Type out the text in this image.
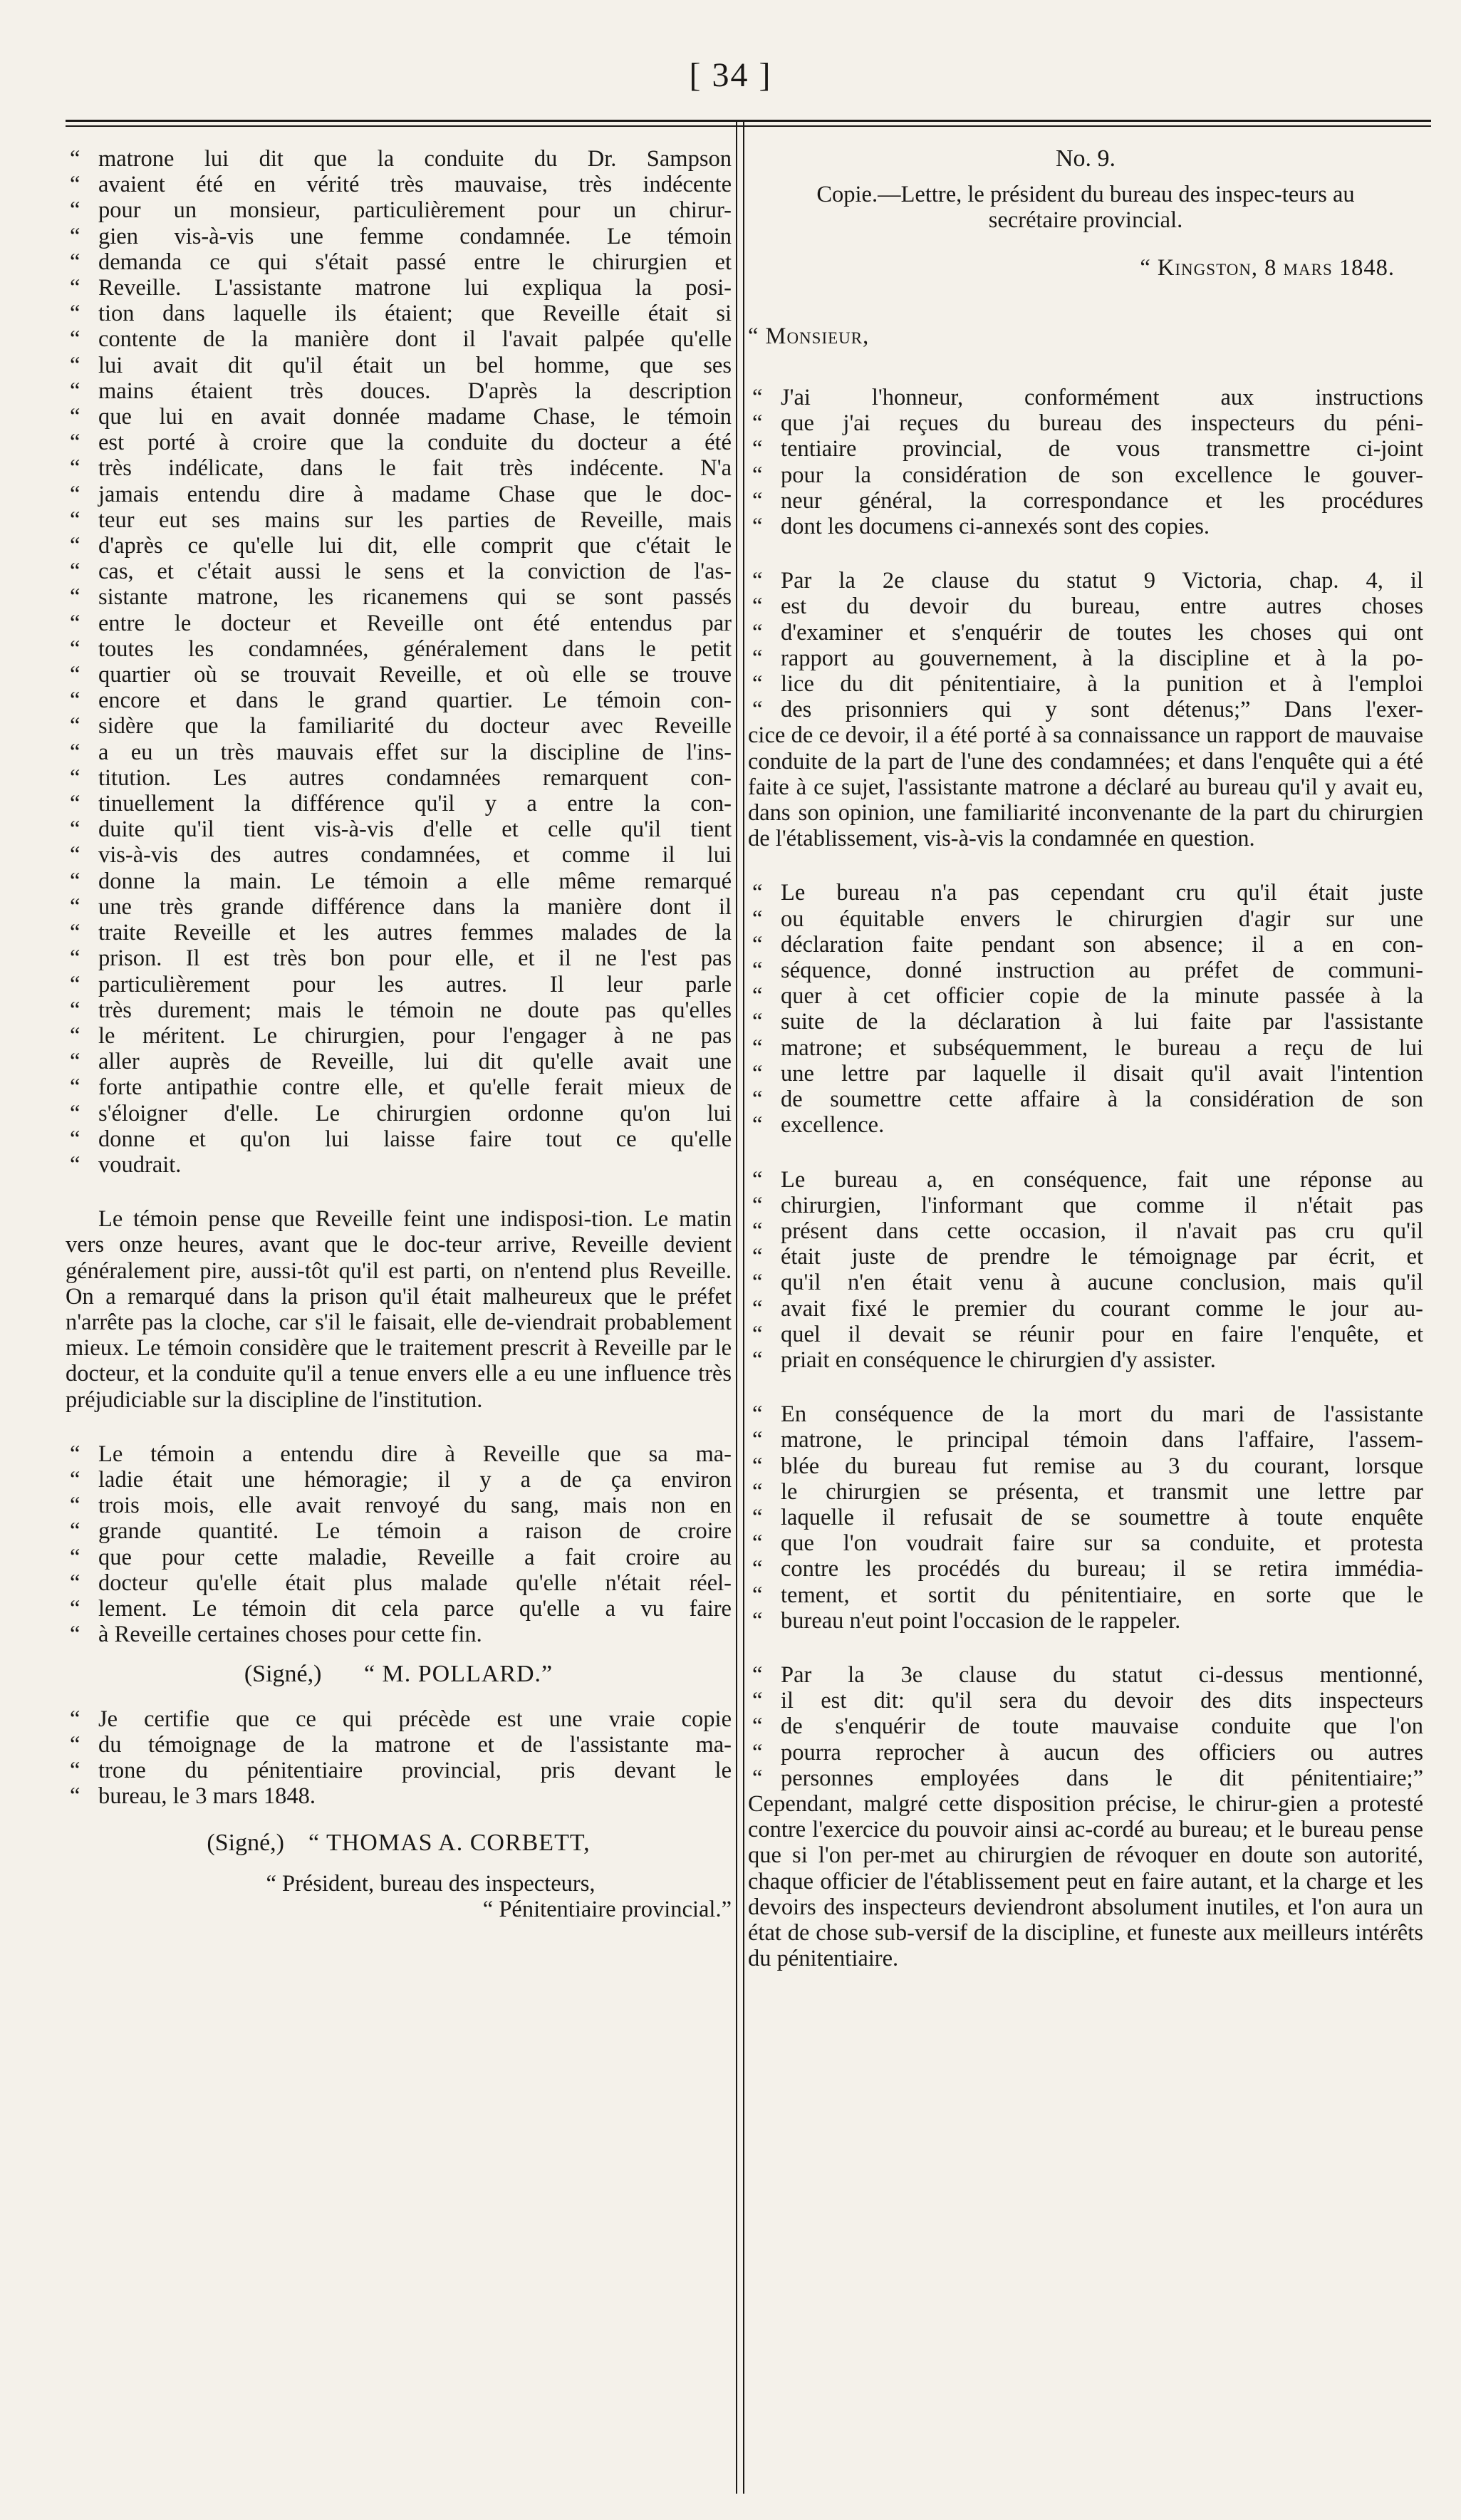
[ 34 ]

“ matrone lui dit que la conduite du Dr. Sampson

“ avaient été en vérité très mauvaise, très indécente

“ pour un monsieur, particulièrement pour un chirur-

“ gien vis-à-vis une femme condamnée. Le témoin

“ demanda ce qui s'était passé entre le chirurgien et

“ Reveille. L'assistante matrone lui expliqua la posi-

“ tion dans laquelle ils étaient; que Reveille était si

“ contente de la manière dont il l'avait palpée qu'elle

“ lui avait dit qu'il était un bel homme, que ses

“ mains étaient très douces. D'après la description

“ que lui en avait donnée madame Chase, le témoin

“ est porté à croire que la conduite du docteur a été

“ très indélicate, dans le fait très indécente. N'a

“ jamais entendu dire à madame Chase que le doc-

“ teur eut ses mains sur les parties de Reveille, mais

“ d'après ce qu'elle lui dit, elle comprit que c'était le

“ cas, et c'était aussi le sens et la conviction de l'as-

“ sistante matrone, les ricanemens qui se sont passés

“ entre le docteur et Reveille ont été entendus par

“ toutes les condamnées, généralement dans le petit

“ quartier où se trouvait Reveille, et où elle se trouve

“ encore et dans le grand quartier. Le témoin con-

“ sidère que la familiarité du docteur avec Reveille

“ a eu un très mauvais effet sur la discipline de l'ins-

“ titution. Les autres condamnées remarquent con-

“ tinuellement la différence qu'il y a entre la con-

“ duite qu'il tient vis-à-vis d'elle et celle qu'il tient

“ vis-à-vis des autres condamnées, et comme il lui

“ donne la main. Le témoin a elle même remarqué

“ une très grande différence dans la manière dont il

“ traite Reveille et les autres femmes malades de la

“ prison. Il est très bon pour elle, et il ne l'est pas

“ particulièrement pour les autres. Il leur parle

“ très durement; mais le témoin ne doute pas qu'elles

“ le méritent. Le chirurgien, pour l'engager à ne pas

“ aller auprès de Reveille, lui dit qu'elle avait une

“ forte antipathie contre elle, et qu'elle ferait mieux de

“ s'éloigner d'elle. Le chirurgien ordonne qu'on lui

“ donne et qu'on lui laisse faire tout ce qu'elle

“ voudrait.

Le témoin pense que Reveille feint une indisposi-tion. Le matin vers onze heures, avant que le doc-teur arrive, Reveille devient généralement pire, aussi-tôt qu'il est parti, on n'entend plus Reveille. On a remarqué dans la prison qu'il était malheureux que le préfet n'arrête pas la cloche, car s'il le faisait, elle de-viendrait probablement mieux. Le témoin considère que le traitement prescrit à Reveille par le docteur, et la conduite qu'il a tenue envers elle a eu une influence très préjudiciable sur la discipline de l'institution.

“ Le témoin a entendu dire à Reveille que sa ma-

“ ladie était une hémoragie; il y a de ça environ

“ trois mois, elle avait renvoyé du sang, mais non en

“ grande quantité. Le témoin a raison de croire

“ que pour cette maladie, Reveille a fait croire au

“ docteur qu'elle était plus malade qu'elle n'était réel-

“ lement. Le témoin dit cela parce qu'elle a vu faire

“ à Reveille certaines choses pour cette fin.

(Signé,) “ M. POLLARD.”

“ Je certifie que ce qui précède est une vraie copie

“ du témoignage de la matrone et de l'assistante ma-

“ trone du pénitentiaire provincial, pris devant le

“ bureau, le 3 mars 1848.

(Signé,) “ THOMAS A. CORBETT,

“ Président, bureau des inspecteurs,

“ Pénitentiaire provincial.”

No. 9.

Copie.—Lettre, le président du bureau des inspec-teurs au secrétaire provincial.

“ Kingston, 8 mars 1848.

“ Monsieur,

“ J'ai l'honneur, conformément aux instructions

“ que j'ai reçues du bureau des inspecteurs du péni-

“ tentiaire provincial, de vous transmettre ci-joint

“ pour la considération de son excellence le gouver-

“ neur général, la correspondance et les procédures

“ dont les documens ci-annexés sont des copies.

“ Par la 2e clause du statut 9 Victoria, chap. 4, il

“ est du devoir du bureau, entre autres choses

“ d'examiner et s'enquérir de toutes les choses qui ont

“ rapport au gouvernement, à la discipline et à la po-

“ lice du dit pénitentiaire, à la punition et à l'emploi

“ des prisonniers qui y sont détenus;” Dans l'exer-

cice de ce devoir, il a été porté à sa connaissance un rapport de mauvaise conduite de la part de l'une des condamnées; et dans l'enquête qui a été faite à ce sujet, l'assistante matrone a déclaré au bureau qu'il y avait eu, dans son opinion, une familiarité inconvenante de la part du chirurgien de l'établissement, vis-à-vis la condamnée en question.

“ Le bureau n'a pas cependant cru qu'il était juste

“ ou équitable envers le chirurgien d'agir sur une

“ déclaration faite pendant son absence; il a en con-

“ séquence, donné instruction au préfet de communi-

“ quer à cet officier copie de la minute passée à la

“ suite de la déclaration à lui faite par l'assistante

“ matrone; et subséquemment, le bureau a reçu de lui

“ une lettre par laquelle il disait qu'il avait l'intention

“ de soumettre cette affaire à la considération de son

“ excellence.

“ Le bureau a, en conséquence, fait une réponse au

“ chirurgien, l'informant que comme il n'était pas

“ présent dans cette occasion, il n'avait pas cru qu'il

“ était juste de prendre le témoignage par écrit, et

“ qu'il n'en était venu à aucune conclusion, mais qu'il

“ avait fixé le premier du courant comme le jour au-

“ quel il devait se réunir pour en faire l'enquête, et

“ priait en conséquence le chirurgien d'y assister.

“ En conséquence de la mort du mari de l'assistante

“ matrone, le principal témoin dans l'affaire, l'assem-

“ blée du bureau fut remise au 3 du courant, lorsque

“ le chirurgien se présenta, et transmit une lettre par

“ laquelle il refusait de se soumettre à toute enquête

“ que l'on voudrait faire sur sa conduite, et protesta

“ contre les procédés du bureau; il se retira immédia-

“ tement, et sortit du pénitentiaire, en sorte que le

“ bureau n'eut point l'occasion de le rappeler.

“ Par la 3e clause du statut ci-dessus mentionné,

“ il est dit: qu'il sera du devoir des dits inspecteurs

“ de s'enquérir de toute mauvaise conduite que l'on

“ pourra reprocher à aucun des officiers ou autres

“ personnes employées dans le dit pénitentiaire;”

Cependant, malgré cette disposition précise, le chirur-gien a protesté contre l'exercice du pouvoir ainsi ac-cordé au bureau; et le bureau pense que si l'on per-met au chirurgien de révoquer en doute son autorité, chaque officier de l'établissement peut en faire autant, et la charge et les devoirs des inspecteurs deviendront absolument inutiles, et l'on aura un état de chose sub-versif de la discipline, et funeste aux meilleurs intérêts du pénitentiaire.
